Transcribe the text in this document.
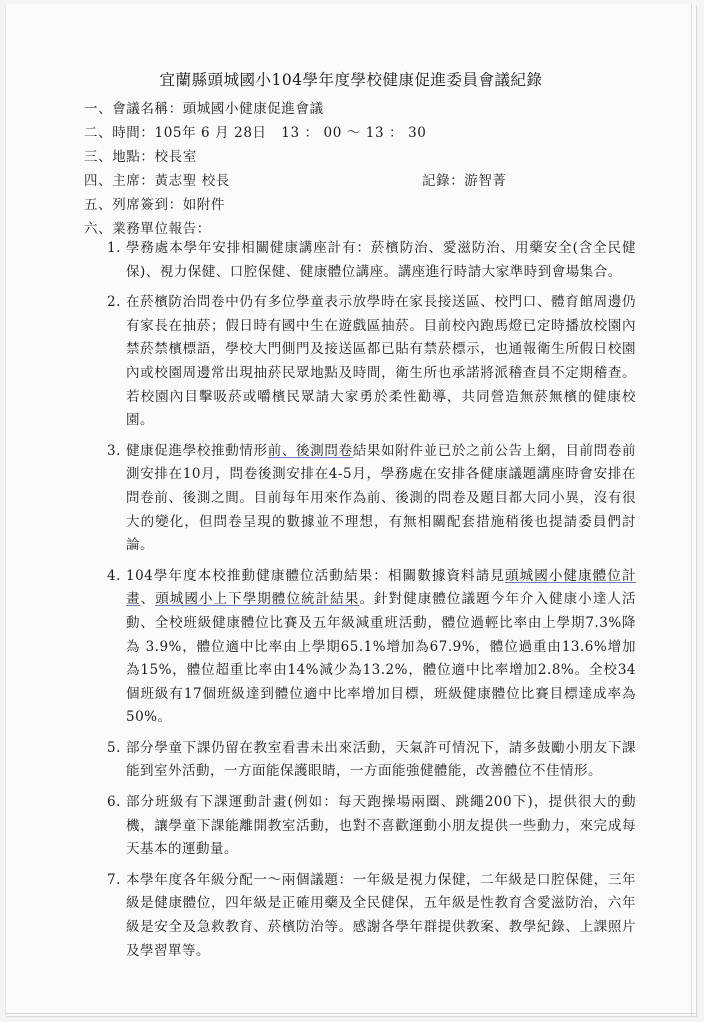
宜蘭縣頭城國小104學年度學校健康促進委員會議紀錄
一、會議名稱：頭城國小健康促進會議
二、時間：105年 6 月 28日   13 ： 00 ～ 13 ： 30
三、地點：校長室
四、主席：黃志聖 校長	記錄：游智菁
五、列席簽到：如附件
六、業務單位報告：
1. 學務處本學年安排相關健康講座計有：菸檳防治、愛滋防治、用藥安全(含全民健保)、視力保健、口腔保健、健康體位講座。講座進行時請大家準時到會場集合。
2. 在菸檳防治問卷中仍有多位學童表示放學時在家長接送區、校門口、體育館周邊仍有家長在抽菸；假日時有國中生在遊戲區抽菸。目前校內跑馬燈已定時播放校園內禁菸禁檳標語，學校大門側門及接送區都已貼有禁菸標示，也通報衛生所假日校園內或校園周邊常出現抽菸民眾地點及時間，衛生所也承諾將派稽查員不定期稽查。若校園內目擊吸菸或嚼檳民眾請大家勇於柔性勸導，共同營造無菸無檳的健康校園。
3. 健康促進學校推動情形前、後測問卷結果如附件並已於之前公告上網，目前問卷前測安排在10月，問卷後測安排在4-5月，學務處在安排各健康議題講座時會安排在問卷前、後測之間。目前每年用來作為前、後測的問卷及題目都大同小異，沒有很大的變化，但問卷呈現的數據並不理想，有無相關配套措施稍後也提請委員們討論。
4. 104學年度本校推動健康體位活動結果：相關數據資料請見頭城國小健康體位計畫、頭城國小上下學期體位統計結果。針對健康體位議題今年介入健康小達人活動、全校班級健康體位比賽及五年級減重班活動，體位過輕比率由上學期7.3%降為 3.9%，體位適中比率由上學期65.1%增加為67.9%，體位過重由13.6%增加為15%，體位超重比率由14%減少為13.2%，體位適中比率增加2.8%。全校34個班級有17個班級達到體位適中比率增加目標，班級健康體位比賽目標達成率為50%。
5. 部分學童下課仍留在教室看書未出來活動，天氣許可情況下，請多鼓勵小朋友下課能到室外活動，一方面能保護眼睛，一方面能強健體能，改善體位不佳情形。
6. 部分班級有下課運動計畫(例如：每天跑操場兩圈、跳繩200下)，提供很大的動機，讓學童下課能離開教室活動，也對不喜歡運動小朋友提供一些動力，來完成每天基本的運動量。
7. 本學年度各年級分配一～兩個議題：一年級是視力保健，二年級是口腔保健，三年級是健康體位，四年級是正確用藥及全民健保，五年級是性教育含愛滋防治，六年級是安全及急救教育、菸檳防治等。感謝各學年群提供教案、教學紀錄、上課照片及學習單等。
